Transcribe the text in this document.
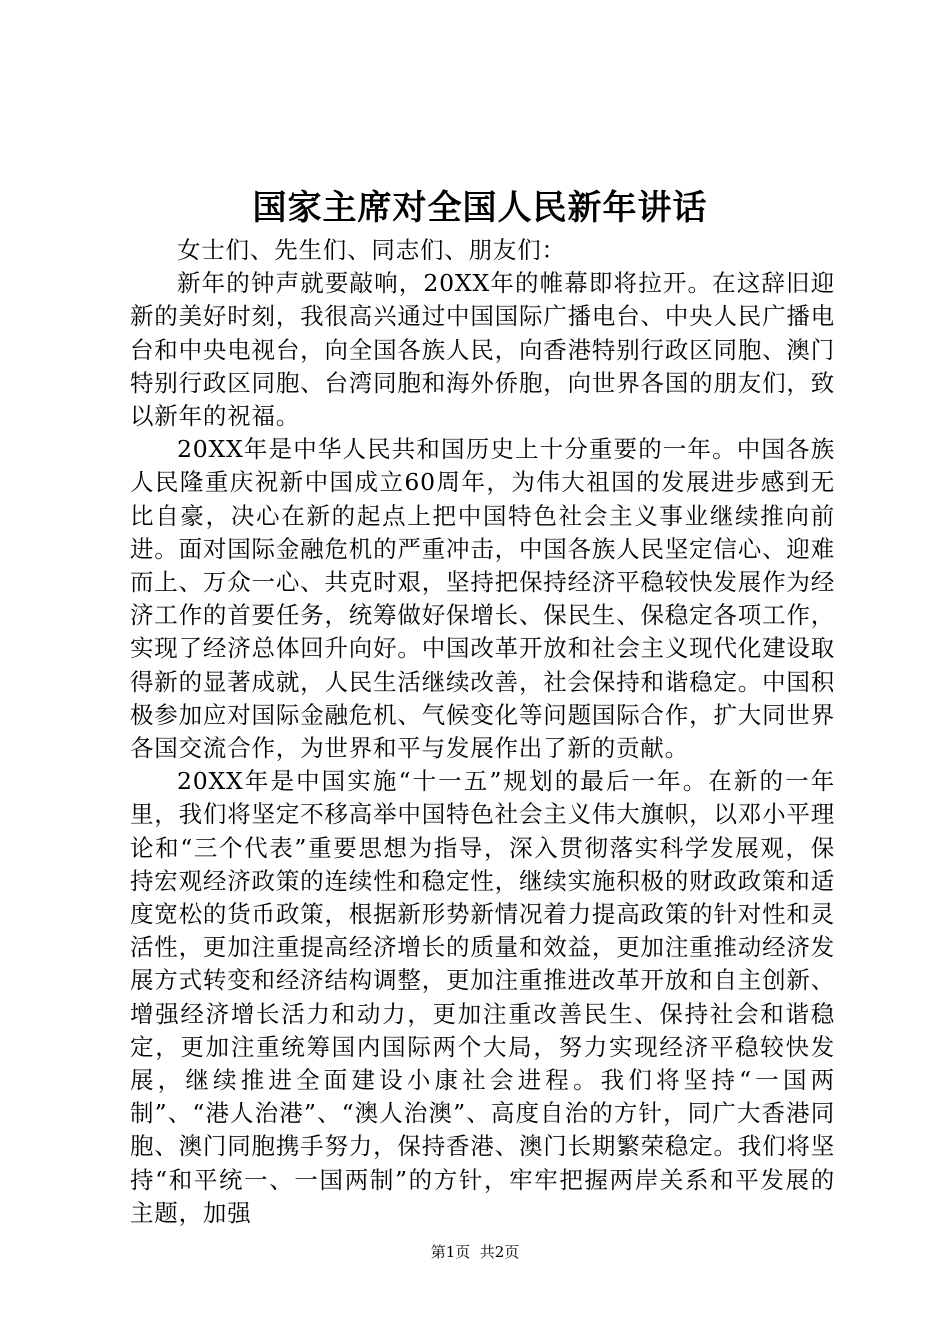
国家主席对全国人民新年讲话

女士们、先生们、同志们、朋友们：

新年的钟声就要敲响，20XX年的帷幕即将拉开。在这辞旧迎新的美好时刻，我很高兴通过中国国际广播电台、中央人民广播电台和中央电视台，向全国各族人民，向香港特别行政区同胞、澳门特别行政区同胞、台湾同胞和海外侨胞，向世界各国的朋友们，致以新年的祝福。

20XX年是中华人民共和国历史上十分重要的一年。中国各族人民隆重庆祝新中国成立60周年，为伟大祖国的发展进步感到无比自豪，决心在新的起点上把中国特色社会主义事业继续推向前进。面对国际金融危机的严重冲击，中国各族人民坚定信心、迎难而上、万众一心、共克时艰，坚持把保持经济平稳较快发展作为经济工作的首要任务，统筹做好保增长、保民生、保稳定各项工作，实现了经济总体回升向好。中国改革开放和社会主义现代化建设取得新的显著成就，人民生活继续改善，社会保持和谐稳定。中国积极参加应对国际金融危机、气候变化等问题国际合作，扩大同世界各国交流合作，为世界和平与发展作出了新的贡献。

20XX年是中国实施“十一五”规划的最后一年。在新的一年里，我们将坚定不移高举中国特色社会主义伟大旗帜，以邓小平理论和“三个代表”重要思想为指导，深入贯彻落实科学发展观，保持宏观经济政策的连续性和稳定性，继续实施积极的财政政策和适度宽松的货币政策，根据新形势新情况着力提高政策的针对性和灵活性，更加注重提高经济增长的质量和效益，更加注重推动经济发展方式转变和经济结构调整，更加注重推进改革开放和自主创新、增强经济增长活力和动力，更加注重改善民生、保持社会和谐稳定，更加注重统筹国内国际两个大局，努力实现经济平稳较快发展，继续推进全面建设小康社会进程。我们将坚持“一国两制”、“港人治港”、“澳人治澳”、高度自治的方针，同广大香港同胞、澳门同胞携手努力，保持香港、澳门长期繁荣稳定。我们将坚持“和平统一、一国两制”的方针，牢牢把握两岸关系和平发展的主题，加强

第1页  共2页
